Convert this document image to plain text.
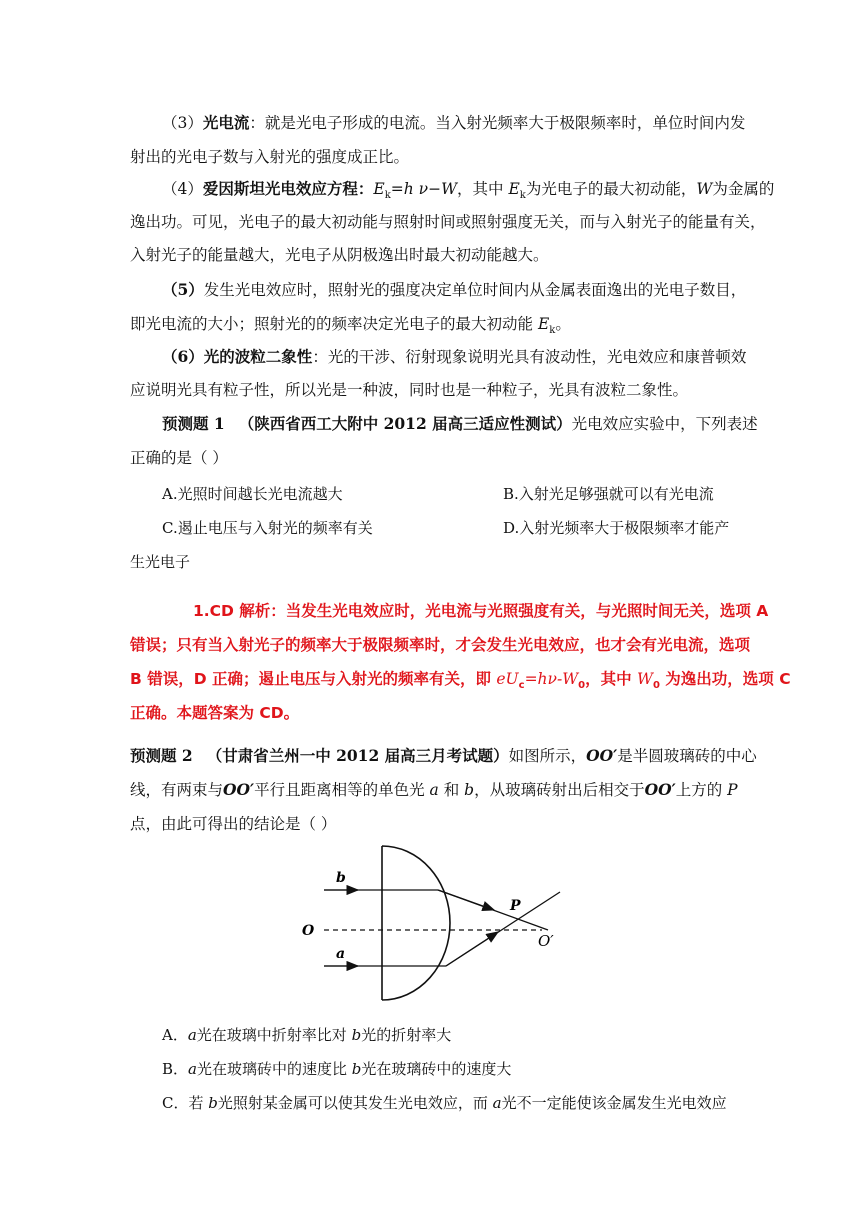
（3）光电流：就是光电子形成的电流。当入射光频率大于极限频率时，单位时间内发
射出的光电子数与入射光的强度成正比。
（4）爱因斯坦光电效应方程：$E_k=h$ ν−W，其中 $E_k$为光电子的最大初动能，W为金属的
逸出功。可见，光电子的最大初动能与照射时间或照射强度无关，而与入射光子的能量有关，
入射光子的能量越大，光电子从阴极逸出时最大初动能越大。
（5）发生光电效应时，照射光的强度决定单位时间内从金属表面逸出的光电子数目，
即光电流的大小；照射光的的频率决定光电子的最大初动能 $E_k$。
（6）光的波粒二象性：光的干涉、衍射现象说明光具有波动性，光电效应和康普顿效
应说明光具有粒子性，所以光是一种波，同时也是一种粒子，光具有波粒二象性。
预测题 1 （陕西省西工大附中 2012 届高三适应性测试）光电效应实验中，下列表述
正确的是（ ）
A.光照时间越长光电流越大	B.入射光足够强就可以有光电流
C.遏止电压与入射光的频率有关	D.入射光频率大于极限频率才能产
生光电子
1.CD 解析：当发生光电效应时，光电流与光照强度有关，与光照时间无关，选项 A
错误；只有当入射光子的频率大于极限频率时，才会发生光电效应，也才会有光电流，选项
B 错误，D 正确；遏止电压与入射光的频率有关，即 $eU_c=h\nu-W_0$，其中 $W_0$ 为逸出功，选项 C
正确。本题答案为 CD。
预测题 2 （甘肃省兰州一中 2012 届高三月考试题）如图所示，OO′是半圆玻璃砖的中心
线，有两束与OO′平行且距离相等的单色光 a 和 b，从玻璃砖射出后相交于OO′上方的 P
点，由此可得出的结论是（ ）
b
O
a
P
O′
A．a光在玻璃中折射率比对 b光的折射率大
B．a光在玻璃砖中的速度比 b光在玻璃砖中的速度大
C．若 b光照射某金属可以使其发生光电效应，而 a光不一定能使该金属发生光电效应
